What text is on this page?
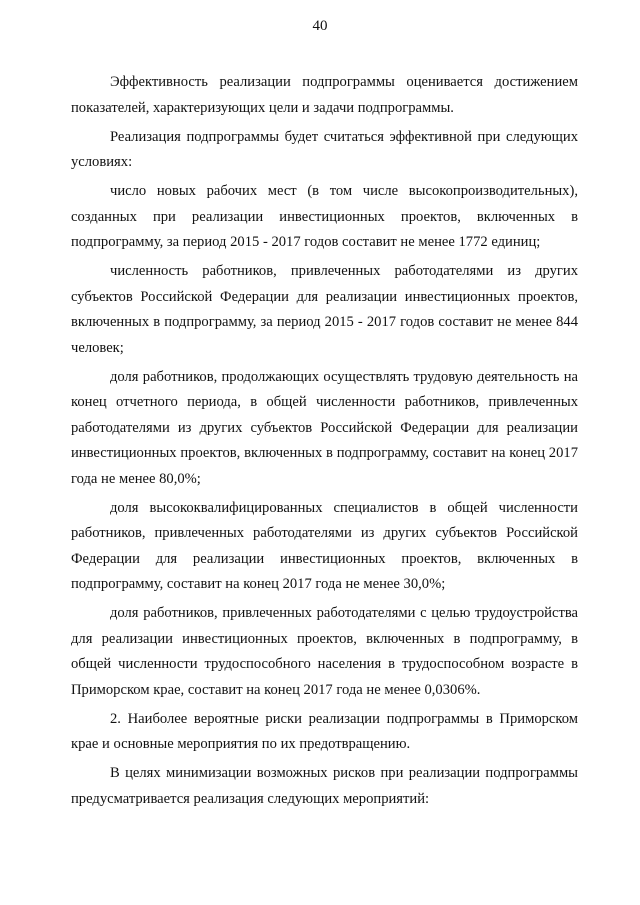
40

Эффективность реализации подпрограммы оценивается достижением показателей, характеризующих цели и задачи подпрограммы.

Реализация подпрограммы будет считаться эффективной при следующих условиях:

число новых рабочих мест (в том числе высокопроизводительных), созданных при реализации инвестиционных проектов, включенных в подпрограмму, за период 2015 - 2017 годов составит не менее 1772 единиц;

численность работников, привлеченных работодателями из других субъектов Российской Федерации для реализации инвестиционных проектов, включенных в подпрограмму, за период 2015 - 2017 годов составит не менее 844 человек;

доля работников, продолжающих осуществлять трудовую деятельность на конец отчетного периода, в общей численности работников, привлеченных работодателями из других субъектов Российской Федерации для реализации инвестиционных проектов, включенных в подпрограмму, составит на конец 2017 года не менее 80,0%;

доля высококвалифицированных специалистов в общей численности работников, привлеченных работодателями из других субъектов Российской Федерации для реализации инвестиционных проектов, включенных в подпрограмму, составит на конец 2017 года не менее 30,0%;

доля работников, привлеченных работодателями с целью трудоустройства для реализации инвестиционных проектов, включенных в подпрограмму, в общей численности трудоспособного населения в трудоспособном возрасте в Приморском крае, составит на конец 2017 года не менее 0,0306%.

2. Наиболее вероятные риски реализации подпрограммы в Приморском крае и основные мероприятия по их предотвращению.

В целях минимизации возможных рисков при реализации подпрограммы предусматривается реализация следующих мероприятий:
